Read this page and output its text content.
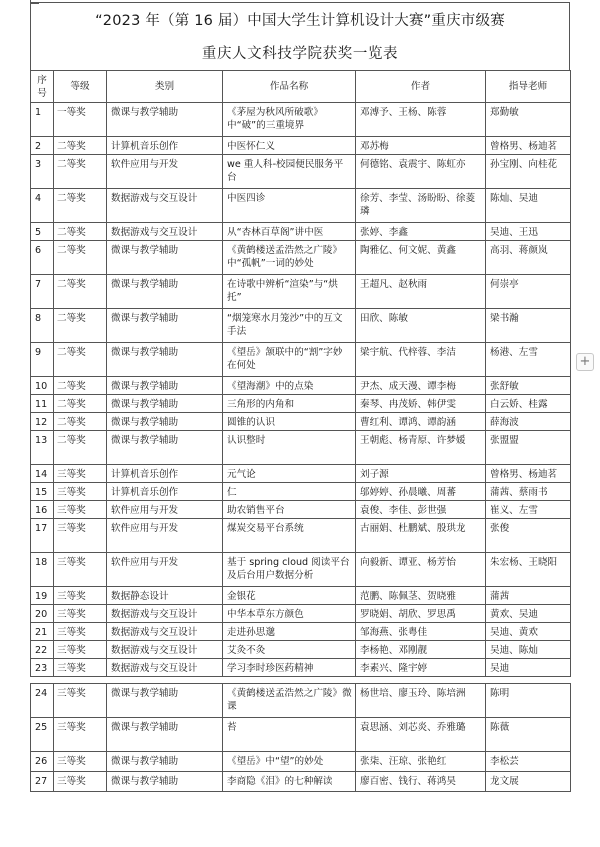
“2023 年（第 16 届）中国大学生计算机设计大赛”重庆市级赛
重庆人文科技学院获奖一览表
序号	等级	类别	作品名称	作者	指导老师
1	一等奖	微课与教学辅助	《茅屋为秋风所破歌》中“破”的三重境界	邓溥予、王杨、陈蓉	郑勤敏
2	二等奖	计算机音乐创作	中医怀仁义	邓苏梅	曾格男、杨迪茗
3	二等奖	软件应用与开发	we 重人科-校园便民服务平台	何德铭、袁震宇、陈虹亦	孙宝刚、向桂花
4	二等奖	数据游戏与交互设计	中医四诊	徐芳、李莹、汤盼盼、徐菱璘	陈灿、吴迪
5	二等奖	数据游戏与交互设计	从“杏林百草阁”讲中医	张婷、李鑫	吴迪、王迅
6	二等奖	微课与教学辅助	《黄鹤楼送孟浩然之广陵》中“孤帆”一词的妙处	陶雅亿、何文妮、黄鑫	高羽、蒋颜岚
7	二等奖	微课与教学辅助	在诗歌中辨析“渲染”与“烘托”	王超凡、赵秋雨	何崇亭
8	二等奖	微课与教学辅助	“烟笼寒水月笼沙”中的互文手法	田欣、陈敏	梁书瀚
9	二等奖	微课与教学辅助	《望岳》颔联中的“割”字妙在何处	梁宇航、代梓蓉、李洁	杨港、左雪
10	二等奖	微课与教学辅助	《望海潮》中的点染	尹杰、成天漫、谭李梅	张舒敏
11	二等奖	微课与教学辅助	三角形的内角和	秦琴、冉茂娇、韩伊雯	白云娇、桂露
12	二等奖	微课与教学辅助	圆锥的认识	曹红利、谭鸿、谭韵涵	薛海波
13	二等奖	微课与教学辅助	认识整时	王朝彪、杨青原、许梦媛	张盟盟
14	三等奖	计算机音乐创作	元气论	刘子源	曾格男、杨迪茗
15	三等奖	计算机音乐创作	仁	邬婷婷、孙晨曦、周蕃	蒲茜、蔡雨书
16	三等奖	软件应用与开发	助农销售平台	袁俊、李佳、彭世强	崔义、左雪
17	三等奖	软件应用与开发	煤炭交易平台系统	古丽娟、杜鹏斌、殷珙龙	张俊
18	三等奖	软件应用与开发	基于 spring cloud 阅读平台及后台用户数据分析	向毅新、谭亚、杨芳怡	朱宏杨、王晓阳
19	三等奖	数据静态设计	金银花	范鹏、陈佩茎、贺晓雅	蒲茜
20	三等奖	数据游戏与交互设计	中华本草东方颜色	罗晓娟、胡欣、罗思禹	黄欢、吴迪
21	三等奖	数据游戏与交互设计	走进孙思邈	邹海燕、张粤佳	吴迪、黄欢
22	三等奖	数据游戏与交互设计	艾灸不灸	李杨艳、邓刚靓	吴迪、陈灿
23	三等奖	数据游戏与交互设计	学习李时珍医药精神	李素兴、隆宇婷	吴迪
24	三等奖	微课与教学辅助	《黄鹤楼送孟浩然之广陵》微课	杨世培、廖玉玲、陈培洲	陈明
25	三等奖	微课与教学辅助	苔	袁思涵、刘芯炎、乔雅璐	陈薇
26	三等奖	微课与教学辅助	《望岳》中“望”的妙处	张柒、汪琼、张艳红	李松芸
27	三等奖	微课与教学辅助	李商隐《泪》的七种解读	廖百密、钱行、蒋鸿昊	龙文展
+
